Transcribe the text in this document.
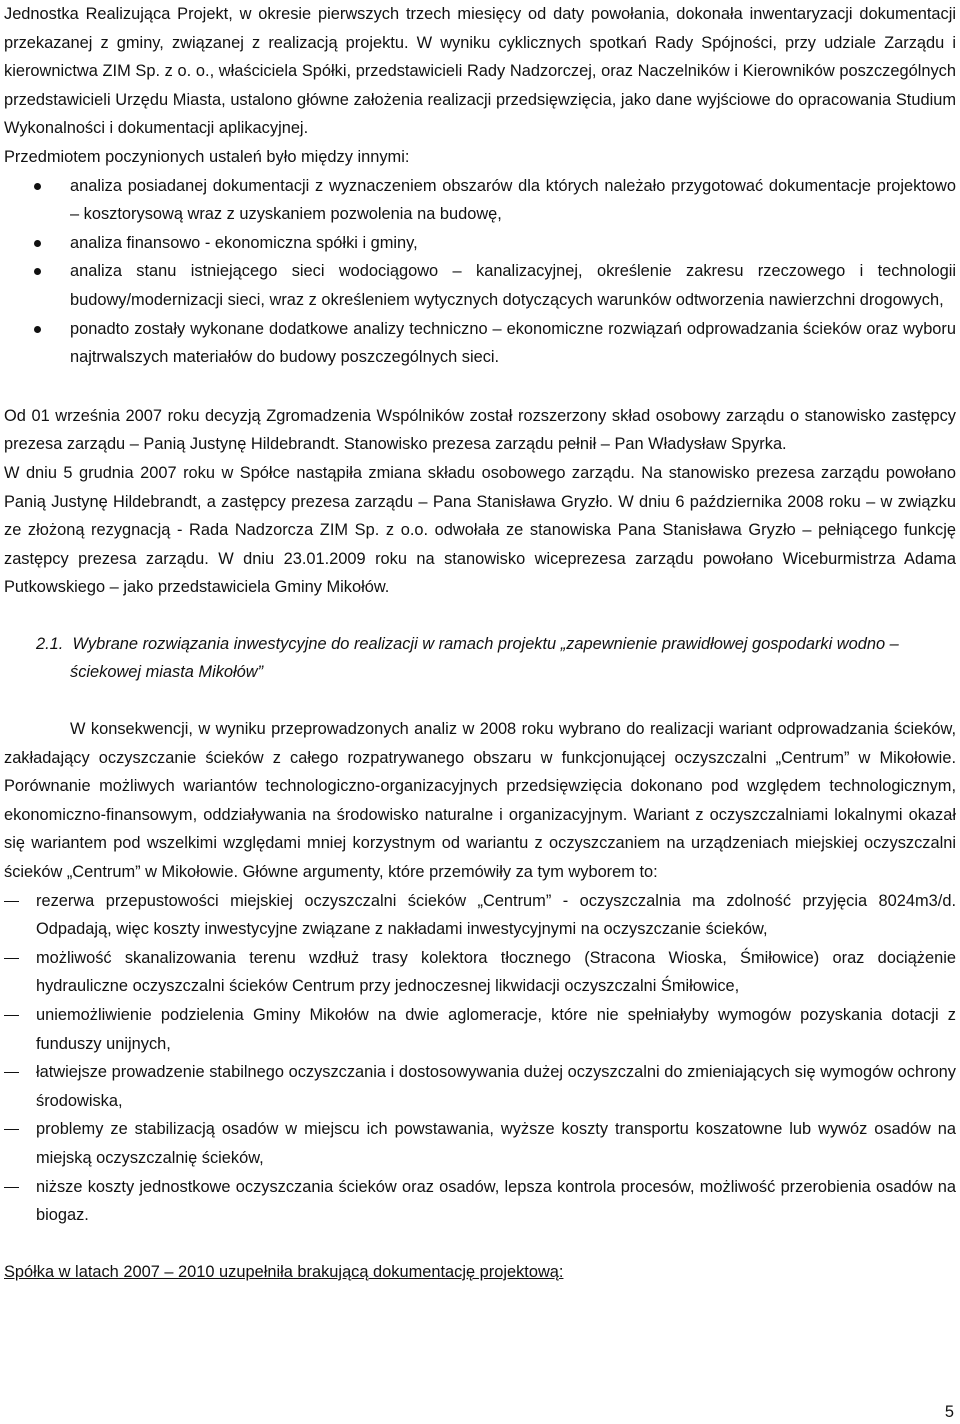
Jednostka Realizująca Projekt, w okresie pierwszych trzech miesięcy od daty powołania, dokonała inwentaryzacji dokumentacji przekazanej z gminy, związanej z realizacją projektu. W wyniku cyklicznych spotkań Rady Spójności, przy udziale Zarządu i kierownictwa ZIM Sp. z o. o., właściciela Spółki, przedstawicieli Rady Nadzorczej, oraz Naczelników i Kierowników poszczególnych przedstawicieli Urzędu Miasta, ustalono główne założenia realizacji przedsięwzięcia, jako dane wyjściowe do opracowania Studium Wykonalności i dokumentacji aplikacyjnej.

Przedmiotem poczynionych ustaleń było między innymi:

analiza posiadanej dokumentacji z wyznaczeniem obszarów dla których należało przygotować dokumentacje projektowo – kosztorysową wraz z uzyskaniem pozwolenia na budowę,
analiza finansowo - ekonomiczna spółki i gminy,
analiza stanu istniejącego sieci wodociągowo – kanalizacyjnej, określenie zakresu rzeczowego i technologii budowy/modernizacji sieci, wraz z określeniem wytycznych dotyczących warunków odtworzenia nawierzchni drogowych,
ponadto zostały wykonane dodatkowe analizy techniczno – ekonomiczne rozwiązań odprowadzania ścieków oraz wyboru najtrwalszych materiałów do budowy poszczególnych sieci.

Od 01 września 2007 roku decyzją Zgromadzenia Wspólników został rozszerzony skład osobowy zarządu o stanowisko zastępcy prezesa zarządu – Panią Justynę Hildebrandt. Stanowisko prezesa zarządu pełnił – Pan Władysław Spyrka.

W dniu 5 grudnia 2007 roku w Spółce nastąpiła zmiana składu osobowego zarządu. Na stanowisko prezesa zarządu powołano Panią Justynę Hildebrandt, a zastępcy prezesa zarządu – Pana Stanisława Gryzło. W dniu 6 października 2008 roku – w związku ze złożoną rezygnacją - Rada Nadzorcza ZIM Sp. z o.o. odwołała ze stanowiska Pana Stanisława Gryzło – pełniącego funkcję zastępcy prezesa zarządu. W dniu 23.01.2009 roku na stanowisko wiceprezesa zarządu powołano Wiceburmistrza Adama Putkowskiego – jako przedstawiciela Gminy Mikołów.

2.1. Wybrane rozwiązania inwestycyjne do realizacji w ramach projektu „zapewnienie prawidłowej gospodarki wodno – ściekowej miasta Mikołów”

W konsekwencji, w wyniku przeprowadzonych analiz w 2008 roku wybrano do realizacji wariant odprowadzania ścieków, zakładający oczyszczanie ścieków z całego rozpatrywanego obszaru w funkcjonującej oczyszczalni „Centrum” w Mikołowie. Porównanie możliwych wariantów technologiczno-organizacyjnych przedsięwzięcia dokonano pod względem technologicznym, ekonomiczno-finansowym, oddziaływania na środowisko naturalne i organizacyjnym. Wariant z oczyszczalniami lokalnymi okazał się wariantem pod wszelkimi względami mniej korzystnym od wariantu z oczyszczaniem na urządzeniach miejskiej oczyszczalni ścieków „Centrum” w Mikołowie. Główne argumenty, które przemówiły za tym wyborem to:

rezerwa przepustowości miejskiej oczyszczalni ścieków „Centrum” - oczyszczalnia ma zdolność przyjęcia 8024m3/d. Odpadają, więc koszty inwestycyjne związane z nakładami inwestycyjnymi na oczyszczanie ścieków,
możliwość skanalizowania terenu wzdłuż trasy kolektora tłocznego (Stracona Wioska, Śmiłowice) oraz dociążenie hydrauliczne oczyszczalni ścieków Centrum przy jednoczesnej likwidacji oczyszczalni Śmiłowice,
uniemożliwienie podzielenia Gminy Mikołów na dwie aglomeracje, które nie spełniałyby wymogów pozyskania dotacji z funduszy unijnych,
łatwiejsze prowadzenie stabilnego oczyszczania i dostosowywania dużej oczyszczalni do zmieniających się wymogów ochrony środowiska,
problemy ze stabilizacją osadów w miejscu ich powstawania, wyższe koszty transportu koszatowne lub wywóz osadów na miejską oczyszczalnię ścieków,
niższe koszty jednostkowe oczyszczania ścieków oraz osadów, lepsza kontrola procesów, możliwość przerobienia osadów na biogaz.

Spółka w latach 2007 – 2010 uzupełniła brakującą dokumentację projektową:

5
